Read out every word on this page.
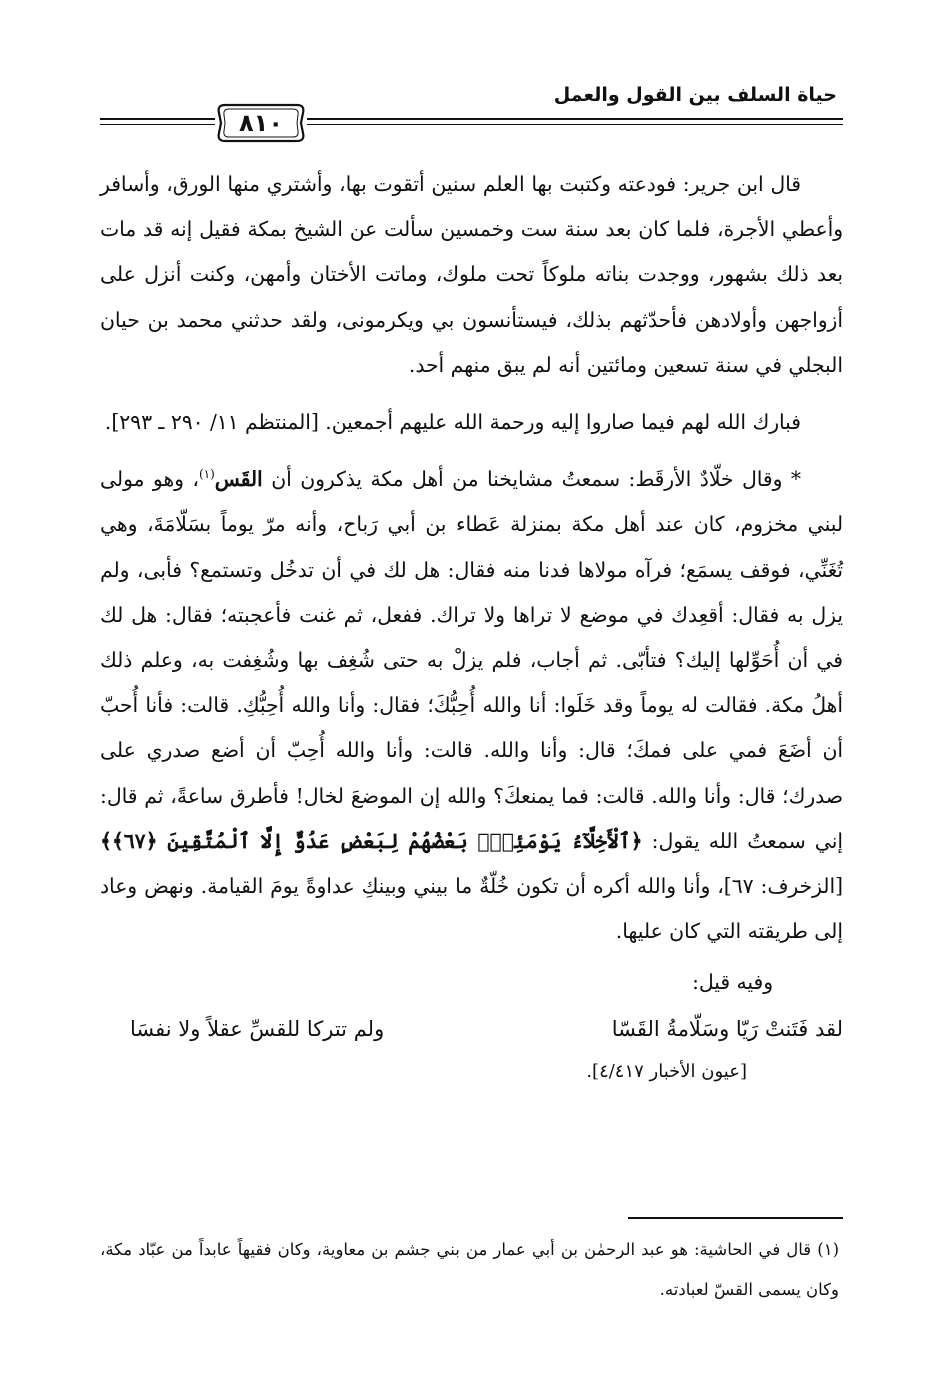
حياة السلف بين القول والعمل
٨١٠

قال ابن جرير: فودعته وكتبت بها العلم سنين أتقوت بها، وأشتري منها الورق، وأسافر وأعطي الأجرة، فلما كان بعد سنة ست وخمسين سألت عن الشيخ بمكة فقيل إنه قد مات بعد ذلك بشهور، ووجدت بناته ملوكاً تحت ملوك، وماتت الأختان وأمهن، وكنت أنزل على أزواجهن وأولادهن فأحدّثهم بذلك، فيستأنسون بي ويكرمونى، ولقد حدثني محمد بن حيان البجلي في سنة تسعين ومائتين أنه لم يبق منهم أحد.

فبارك الله لهم فيما صاروا إليه ورحمة الله عليهم أجمعين. [المنتظم ١١/ ٢٩٠ ـ ٢٩٣].

* وقال خلّادٌ الأرقَط: سمعتُ مشايخنا من أهل مكة يذكرون أن القَس$^{(١)}$، وهو مولى لبني مخزوم، كان عند أهل مكة بمنزلة عَطاء بن أبي رَباح، وأنه مرّ يوماً بسَلّامَةَ، وهي تُغَنِّي، فوقف يسمَع؛ فرآه مولاها فدنا منه فقال: هل لك في أن تدخُل وتستمع؟ فأبى، ولم يزل به فقال: أقعِدك في موضع لا تراها ولا تراك. ففعل، ثم غنت فأعجبته؛ فقال: هل لك في أن أُحَوِّلها إليك؟ فتأبّى. ثم أجاب، فلم يزلْ به حتى شُغِف بها وشُغِفت به، وعلم ذلك أهلُ مكة. فقالت له يوماً وقد خَلَوا: أنا والله أُحِبُّكَ؛ فقال: وأنا والله أُحِبُّكِ. قالت: فأنا أُحبّ أن أضَعَ فمي على فمكَ؛ قال: وأنا والله. قالت: وأنا والله أُحِبّ أن أضع صدري على صدرك؛ قال: وأنا والله. قالت: فما يمنعكَ؟ والله إن الموضعَ لخال! فأطرق ساعةً، ثم قال: إني سمعتُ الله يقول: ﴿ٱلْأَخِلَّآءُ يَوْمَئِذٍۭ بَعْضُهُمْ لِبَعْضٍ عَدُوٌّ إِلَّا ٱلْمُتَّقِينَ ﴿٦٧﴾﴾ [الزخرف: ٦٧]، وأنا والله أكره أن تكون خُلّةٌ ما بيني وبينكِ عداوةً يومَ القيامة. ونهض وعاد إلى طريقته التي كان عليها.

وفيه قيل:

لقد فَتَنتْ رَيّا وسَلّامةُ القَسّا
ولم تتركا للقسِّ عقلاً ولا نفسَا

[عيون الأخبار ٤/٤١٧].

(١) قال في الحاشية: هو عبد الرحمٰن بن أبي عمار من بني جشم بن معاوية، وكان فقيهاً عابداً من عبّاد مكة، وكان يسمى القسّ لعبادته.
